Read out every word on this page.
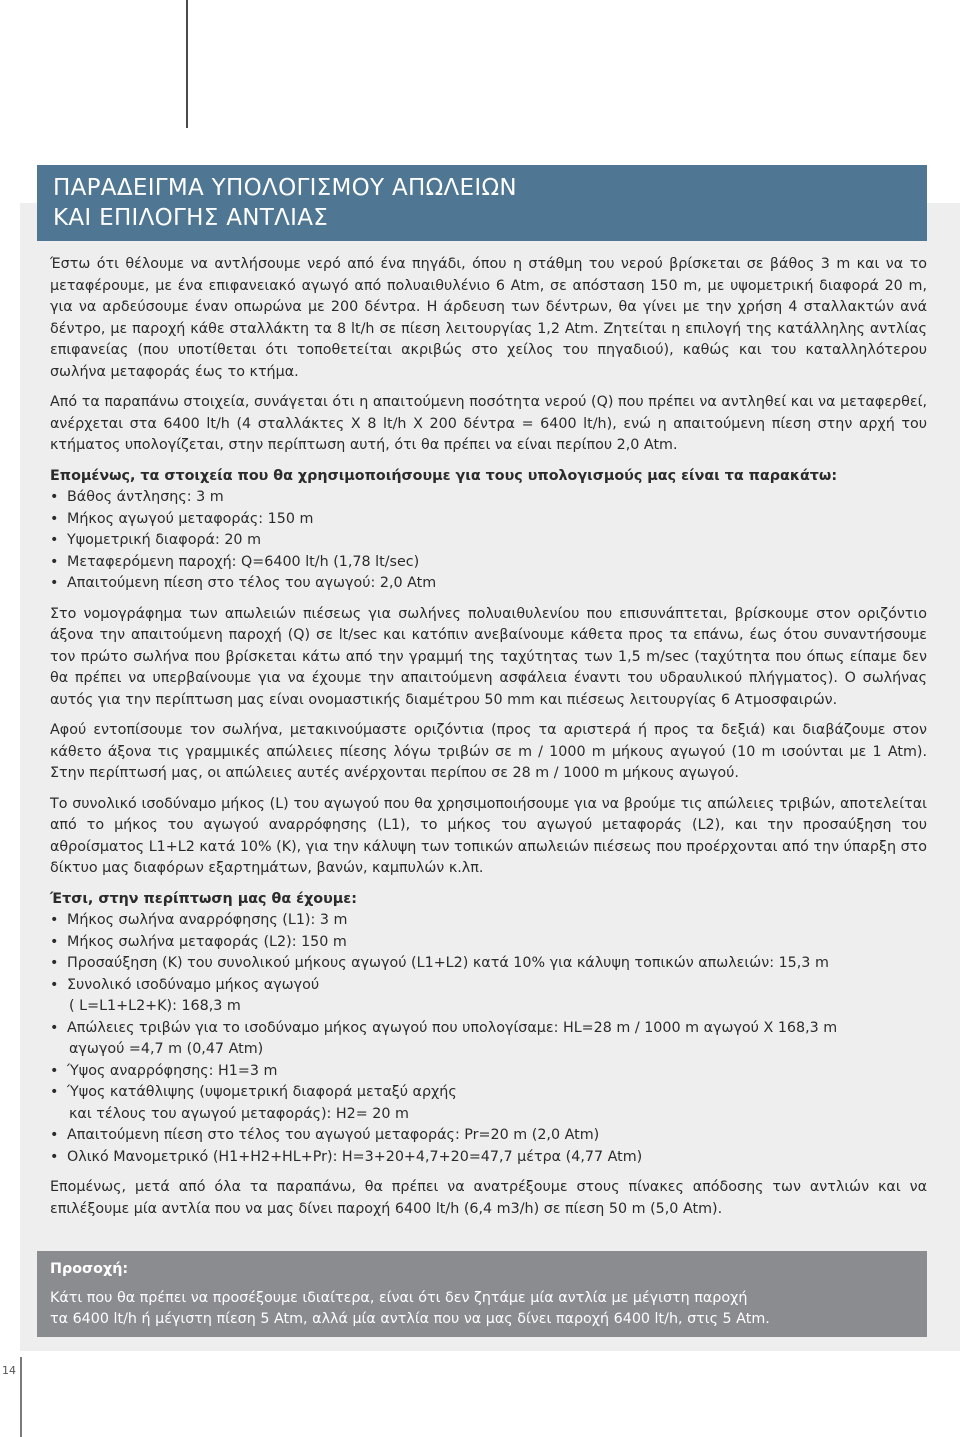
ΠΑΡΑΔΕΙΓΜΑ ΥΠΟΛΟΓΙΣΜΟΥ ΑΠΩΛΕΙΩΝ
ΚΑΙ ΕΠΙΛΟΓΗΣ ΑΝΤΛΙΑΣ

Έστω ότι θέλουμε να αντλήσουμε νερό από ένα πηγάδι, όπου η στάθμη του νερού βρίσκεται σε βάθος 3 m και να το μεταφέρουμε, με ένα επιφανειακό αγωγό από πολυαιθυλένιο 6 Atm, σε απόσταση 150 m, με υψομετρική διαφορά 20 m, για να αρδεύσουμε έναν οπωρώνα με 200 δέντρα. Η άρδευση των δέντρων, θα γίνει με την χρήση 4 σταλλακτών ανά δέντρο, με παροχή κάθε σταλλάκτη τα 8 lt/h σε πίεση λειτουργίας 1,2 Atm. Ζητείται η επιλογή της κατάλληλης αντλίας επιφανείας (που υποτίθεται ότι τοποθετείται ακριβώς στο χείλος του πηγαδιού), καθώς και του καταλληλότερου σωλήνα μεταφοράς έως το κτήμα.

Από τα παραπάνω στοιχεία, συνάγεται ότι η απαιτούμενη ποσότητα νερού (Q) που πρέπει να αντληθεί και να μεταφερθεί, ανέρχεται στα 6400 lt/h (4 σταλλάκτες Χ 8 lt/h X 200 δέντρα = 6400 lt/h), ενώ η απαιτούμενη πίεση στην αρχή του κτήματος υπολογίζεται, στην περίπτωση αυτή, ότι θα πρέπει να είναι περίπου 2,0 Atm.

Επομένως, τα στοιχεία που θα χρησιμοποιήσουμε για τους υπολογισμούς μας είναι τα παρακάτω:

• Βάθος άντλησης: 3 m
• Μήκος αγωγού μεταφοράς: 150 m
• Υψομετρική διαφορά: 20 m
• Μεταφερόμενη παροχή: Q=6400 lt/h (1,78 lt/sec)
• Απαιτούμενη πίεση στο τέλος του αγωγού: 2,0 Atm

Στο νομογράφημα των απωλειών πιέσεως για σωλήνες πολυαιθυλενίου που επισυνάπτεται, βρίσκουμε στον οριζόντιο άξονα την απαιτούμενη παροχή (Q) σε lt/sec και κατόπιν ανεβαίνουμε κάθετα προς τα επάνω, έως ότου συναντήσουμε τον πρώτο σωλήνα που βρίσκεται κάτω από την γραμμή της ταχύτητας των 1,5 m/sec (ταχύτητα που όπως είπαμε δεν θα πρέπει να υπερβαίνουμε για να έχουμε την απαιτούμενη ασφάλεια έναντι του υδραυλικού πλήγματος). Ο σωλήνας αυτός για την περίπτωση μας είναι ονομαστικής διαμέτρου 50 mm και πιέσεως λειτουργίας 6 Ατμοσφαιρών.

Αφού εντοπίσουμε τον σωλήνα, μετακινούμαστε οριζόντια (προς τα αριστερά ή προς τα δεξιά) και διαβάζουμε στον κάθετο άξονα τις γραμμικές απώλειες πίεσης λόγω τριβών σε m / 1000 m μήκους αγωγού (10 m ισούνται με 1 Atm). Στην περίπτωσή μας, οι απώλειες αυτές ανέρχονται περίπου σε 28 m / 1000 m μήκους αγωγού.

Το συνολικό ισοδύναμο μήκος (L) του αγωγού που θα χρησιμοποιήσουμε για να βρούμε τις απώλειες τριβών, αποτελείται από το μήκος του αγωγού αναρρόφησης (L1), το μήκος του αγωγού μεταφοράς (L2), και την προσαύξηση του αθροίσματος L1+L2 κατά 10% (Κ), για την κάλυψη των τοπικών απωλειών πιέσεως που προέρχονται από την ύπαρξη στο δίκτυο μας διαφόρων εξαρτημάτων, βανών, καμπυλών κ.λπ.

Έτσι, στην περίπτωση μας θα έχουμε:

• Μήκος σωλήνα αναρρόφησης (L1): 3 m
• Μήκος σωλήνα μεταφοράς (L2): 150 m
• Προσαύξηση (Κ) του συνολικού μήκους αγωγού (L1+L2) κατά 10% για κάλυψη τοπικών απωλειών: 15,3 m
• Συνολικό ισοδύναμο μήκος αγωγού
( L=L1+L2+K): 168,3 m
• Απώλειες τριβών για το ισοδύναμο μήκος αγωγού που υπολογίσαμε: HL=28 m / 1000 m αγωγού X 168,3 m
αγωγού =4,7 m (0,47 Atm)
• Ύψος αναρρόφησης: H1=3 m
• Ύψος κατάθλιψης (υψομετρική διαφορά μεταξύ αρχής
και τέλους του αγωγού μεταφοράς): H2= 20 m
• Απαιτούμενη πίεση στο τέλος του αγωγού μεταφοράς: Pr=20 m (2,0 Atm)
• Ολικό Μανομετρικό (H1+H2+HL+Pr): H=3+20+4,7+20=47,7 μέτρα (4,77 Atm)

Επομένως, μετά από όλα τα παραπάνω, θα πρέπει να ανατρέξουμε στους πίνακες απόδοσης των αντλιών και να επιλέξουμε μία αντλία που να μας δίνει παροχή 6400 lt/h (6,4 m3/h) σε πίεση 50 m (5,0 Atm).

Προσοχή:
Κάτι που θα πρέπει να προσέξουμε ιδιαίτερα, είναι ότι δεν ζητάμε μία αντλία με μέγιστη παροχή
τα 6400 lt/h ή μέγιστη πίεση 5 Atm, αλλά μία αντλία που να μας δίνει παροχή 6400 lt/h, στις 5 Atm.
14
